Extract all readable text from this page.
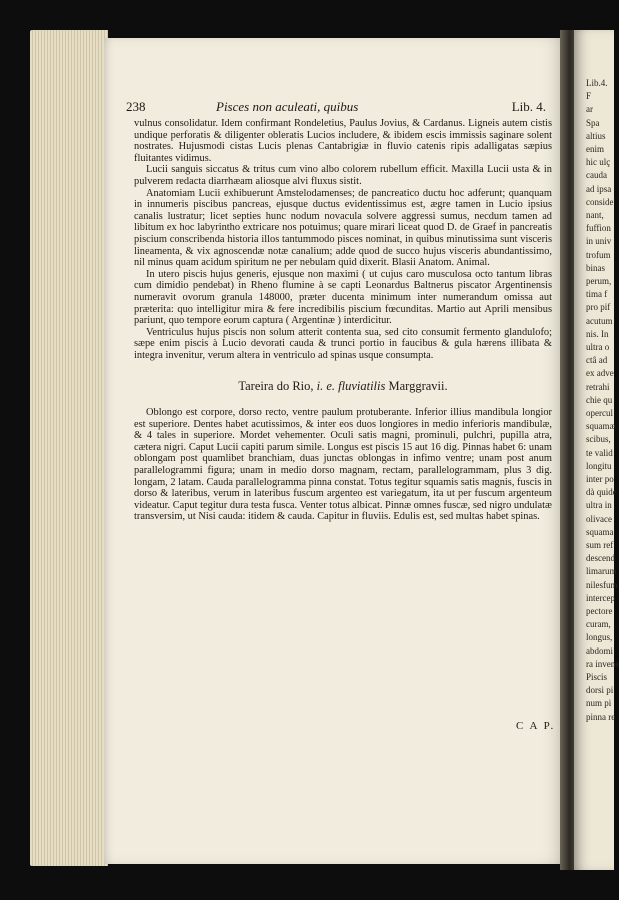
Lib.4.
F
ar
Spa
altius
enim
hic ulç
cauda
ad ipsa
conside
nant,
fuffion
in univ
trofum
binas
perum,
tima f
pro pif
acutum
nis. In
ultra o
ctâ ad
ex adve
retrahi
chie qu
opercul
squamæ
scibus,
te valid
longitu
inter po
dà quide
ultra in
olivace
squama
sum ref
descend
limarum
nilesfum
intercep
pectore
curam,
longus,
abdomi
ra invene
Piscis
dorsi pi
num pi
pinna re
238	Pisces non aculeati, quibus	Lib. 4.

vulnus consolidatur. Idem confirmant Rondeletius, Paulus Jovius, & Cardanus. Ligneis autem cistis undique perforatis & diligenter obleratis Lucios includere, & ibidem escis immissis saginare solent nostrates. Hujusmodi cistas Lucis plenas Cantabrigiæ in fluvio catenis ripis adalligatas sæpius fluitantes vidimus.

Lucii sanguis siccatus & tritus cum vino albo colorem rubellum efficit. Maxilla Lucii usta & in pulverem redacta diarrhæam aliosque alvi fluxus sistit.

Anatomiam Lucii exhibuerunt Amstelodamenses; de pancreatico ductu hoc adferunt; quanquam in innumeris piscibus pancreas, ejusque ductus evidentissimus est, ægre tamen in Lucio ipsius canalis lustratur; licet septies hunc nodum novacula solvere aggressi sumus, necdum tamen ad libitum ex hoc labyrintho extricare nos potuimus; quare mirari liceat quod D. de Graef in pancreatis piscium conscribenda historia illos tantummodo pisces nominat, in quibus minutissima sunt visceris lineamenta, & vix agnoscendæ notæ canalium; adde quod de succo hujus visceris abundantissimo, nil minus quam acidum spiritum ne per nebulam quid dixerit. Blasii Anatom. Animal.

In utero piscis hujus generis, ejusque non maximi ( ut cujus caro musculosa octo tantum libras cum dimidio pendebat) in Rheno flumine à se capti Leonardus Baltnerus piscator Argentinensis numeravit ovorum granula 148000, præter ducenta minimum inter numerandum omissa aut præterita: quo intelligitur mira & fere incredibilis piscium fœcunditas. Martio aut Aprili mensibus pariunt, quo tempore eorum captura ( Argentinæ ) interdicitur.

Ventriculus hujus piscis non solum atterit contenta sua, sed cito consumit fermento glandulofo; sæpe enim piscis à Lucio devorati cauda & trunci portio in faucibus & gula hærens illibata & integra invenitur, verum altera in ventriculo ad spinas usque consumpta.

Tareira do Rio, i. e. fluviatilis Marggravii.

Oblongo est corpore, dorso recto, ventre paulum protuberante. Inferior illius mandibula longior est superiore. Dentes habet acutissimos, & inter eos duos longiores in medio inferioris mandibulæ, & 4 tales in superiore. Mordet vehementer. Oculi satis magni, prominuli, pulchri, pupilla atra, cætera nigri. Caput Lucii capiti parum simile. Longus est piscis 15 aut 16 dig. Pinnas habet 6: unam oblongam post quamlibet branchiam, duas junctas oblongas in infimo ventre; unam post anum parallelogrammi figura; unam in medio dorso magnam, rectam, parallelogrammam, plus 3 dig. longam, 2 latam. Cauda parallelogramma pinna constat. Totus tegitur squamis satis magnis, fuscis in dorso & lateribus, verum in lateribus fuscum argenteo est variegatum, ita ut per fuscum argenteum videatur. Caput tegitur dura testa fusca. Venter totus albicat. Pinnæ omnes fuscæ, sed nigro undulatæ transversim, ut Nisi cauda: itidem & cauda. Capitur in fluviis. Edulis est, sed multas habet spinas.

C A P.
